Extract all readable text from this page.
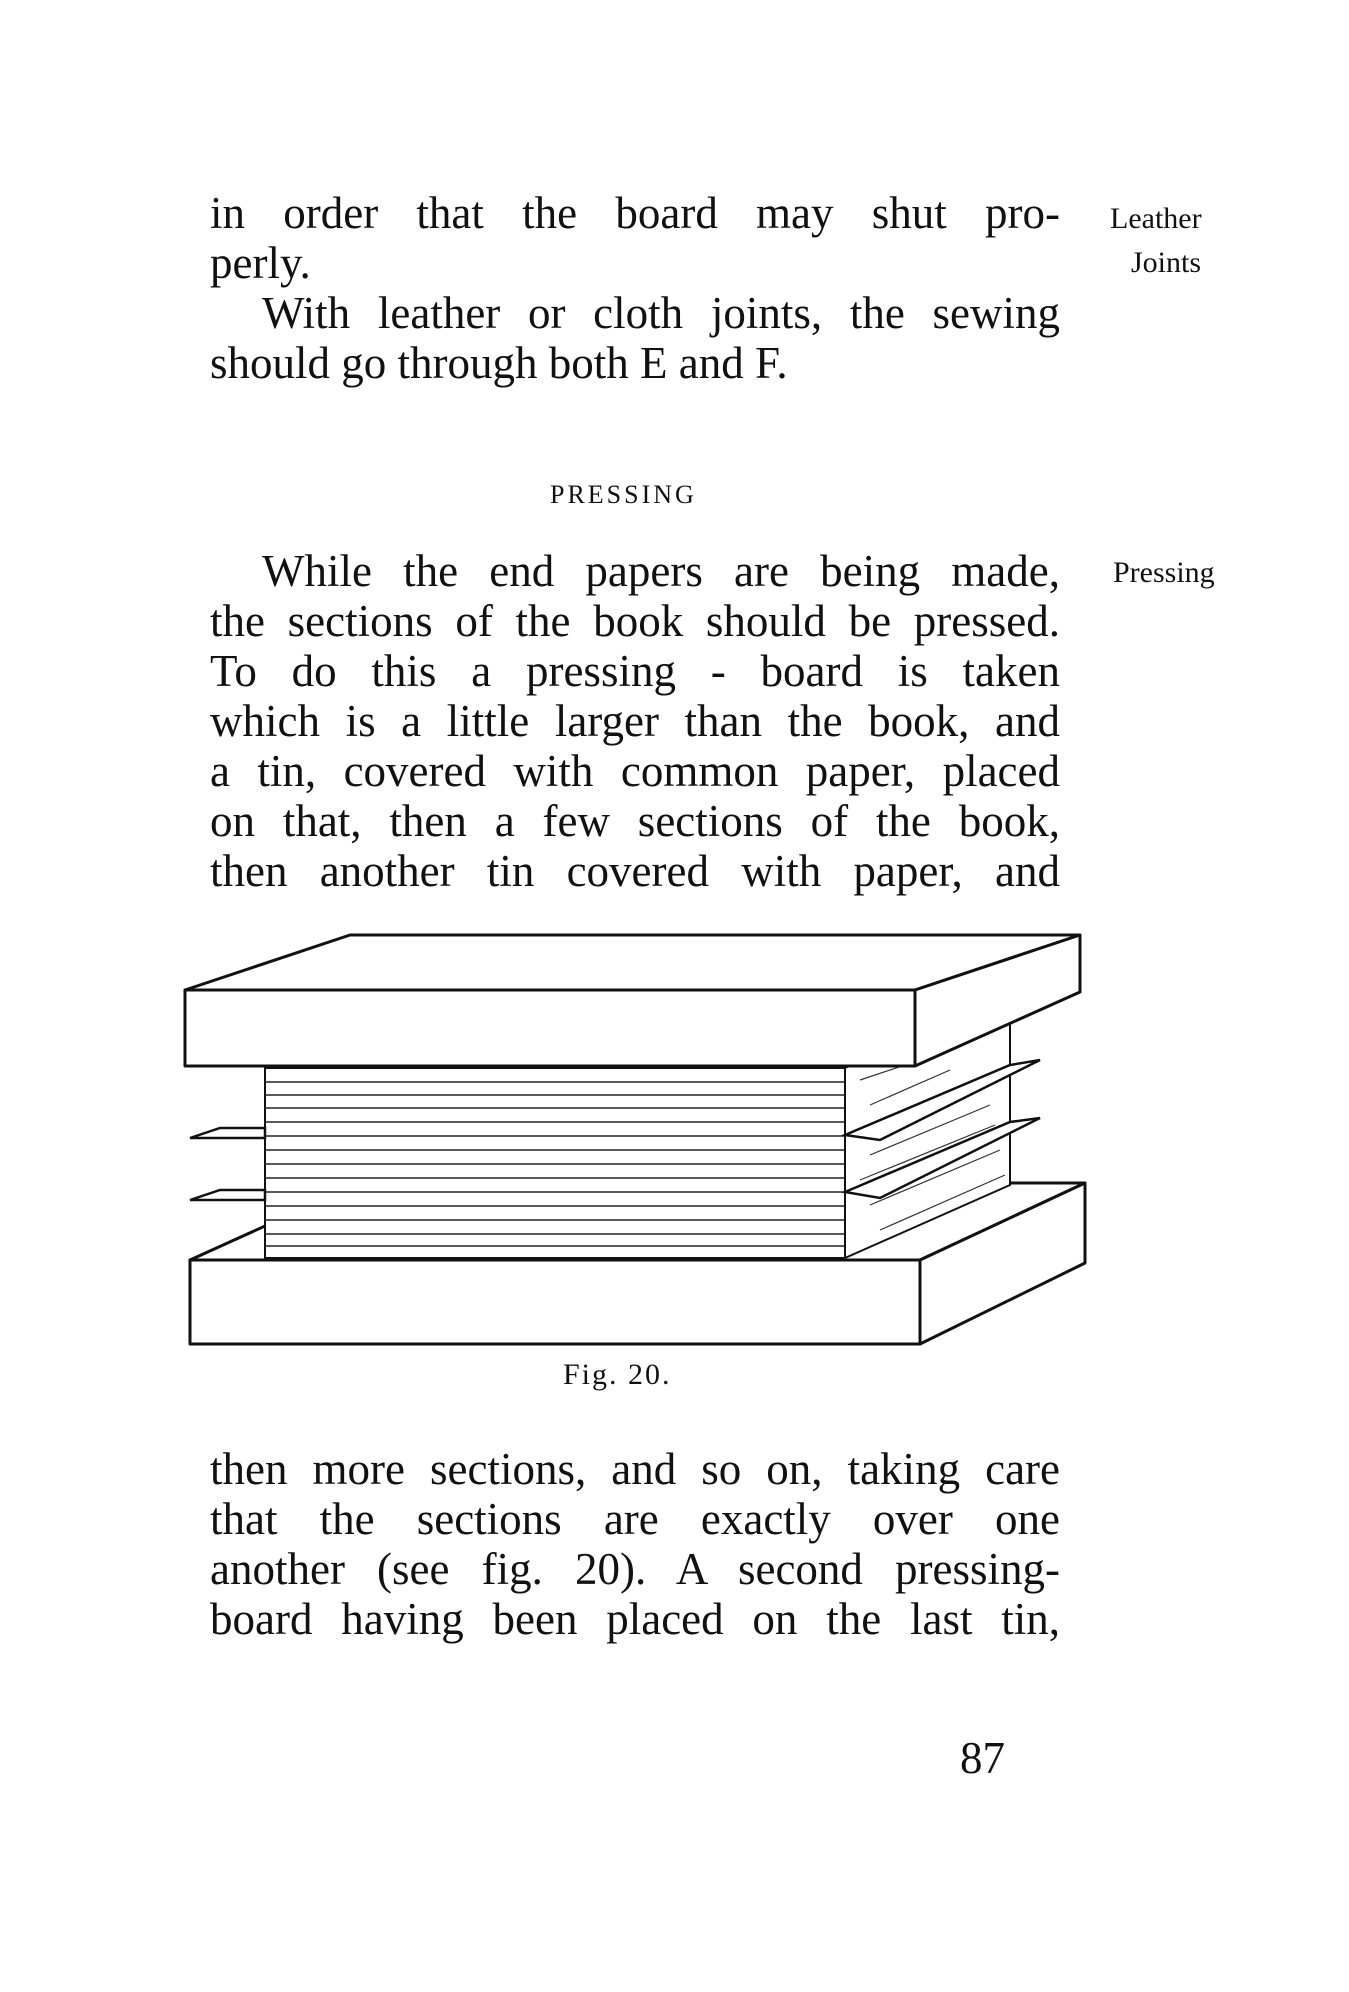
Leather
Joints
Pressing
in order that the board may shut pro-
perly.
With leather or cloth joints, the sewing
should go through both E and F.
PRESSING
While the end papers are being made,
the sections of the book should be pressed.
To do this a pressing - board is taken
which is a little larger than the book, and
a tin, covered with common paper, placed
on that, then a few sections of the book,
then another tin covered with paper, and
Fig. 20.
then more sections, and so on, taking care
that the sections are exactly over one
another (see fig. 20). A second pressing-
board having been placed on the last tin,
87
